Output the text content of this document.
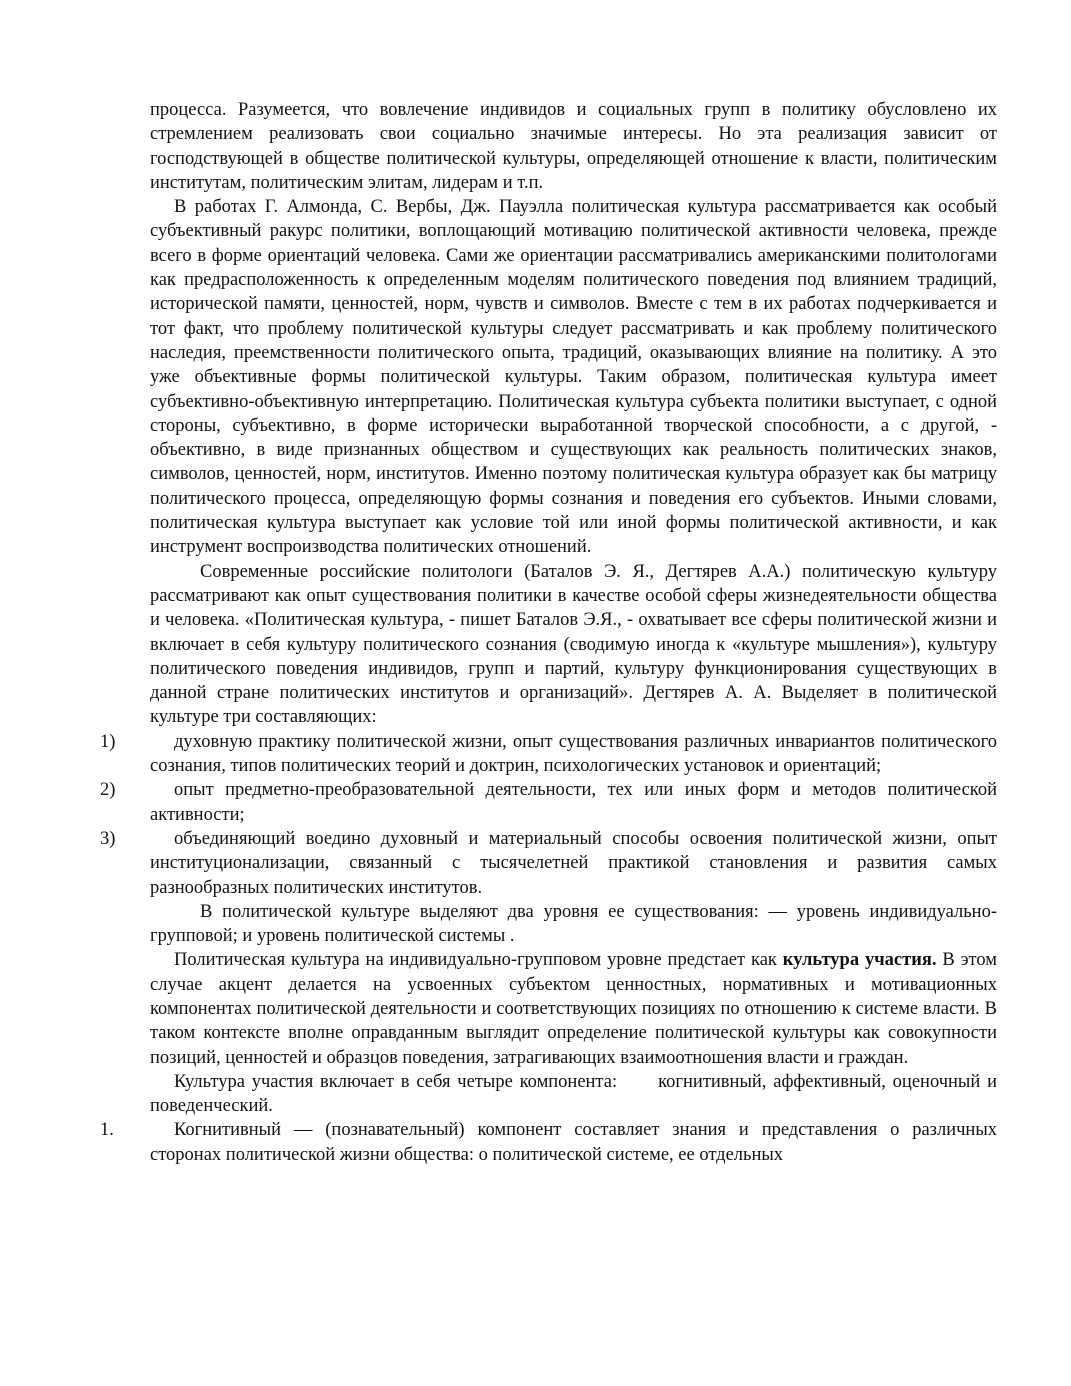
процесса. Разумеется, что вовлечение индивидов и социальных групп в политику обусловлено их стремлением реализовать свои социально значимые интересы. Но эта реализация зависит от господствующей в обществе политической культуры, определяющей отношение к власти, политическим институтам, политическим элитам, лидерам и т.п.

В работах Г. Алмонда, С. Вербы, Дж. Пауэлла политическая культура рассматривается как особый субъективный ракурс политики, воплощающий мотивацию политической активности человека, прежде всего в форме ориентаций человека. Сами же ориентации рассматривались американскими политологами как предрасположенность к определенным моделям политического поведения под влиянием традиций, исторической памяти, ценностей, норм, чувств и символов. Вместе с тем в их работах подчеркивается и тот факт, что проблему политической культуры следует рассматривать и как проблему политического наследия, преемственности политического опыта, традиций, оказывающих влияние на политику. А это уже объективные формы политической культуры. Таким образом, политическая культура имеет субъективно-объективную интерпретацию. Политическая культура субъекта политики выступает, с одной стороны, субъективно, в форме исторически выработанной творческой способности, а с другой, - объективно, в виде признанных обществом и существующих как реальность политических знаков, символов, ценностей, норм, институтов. Именно поэтому политическая культура образует как бы матрицу политического процесса, определяющую формы сознания и поведения его субъектов. Иными словами, политическая культура выступает как условие той или иной формы политической активности, и как инструмент воспроизводства политических отношений.

Современные российские политологи (Баталов Э. Я., Дегтярев А.А.) политическую культуру рассматривают как опыт существования политики в качестве особой сферы жизнедеятельности общества и человека. «Политическая культура, - пишет Баталов Э.Я., - охватывает все сферы политической жизни и включает в себя культуру политического сознания (сводимую иногда к «культуре мышления»), культуру политического поведения индивидов, групп и партий, культуру функционирования существующих в данной стране политических институтов и организаций». Дегтярев А. А. Выделяет в политической культуре три составляющих:

1)	духовную практику политической жизни, опыт существования различных инвариантов политического сознания, типов политических теорий и доктрин, психологических установок и ориентаций;

2)	опыт предметно-преобразовательной деятельности, тех или иных форм и методов политической активности;

3)	объединяющий воедино духовный и материальный способы освоения политической жизни, опыт институционализации, связанный с тысячелетней практикой становления и развития самых разнообразных политических институтов.

В политической культуре выделяют два уровня ее существования: — уровень индивидуально-групповой; и уровень политической системы .

Политическая культура на индивидуально-групповом уровне предстает как культура участия. В этом случае акцент делается на усвоенных субъектом ценностных, нормативных и мотивационных компонентах политической деятельности и соответствующих позициях по отношению к системе власти. В таком контексте вполне оправданным выглядит определение политической культуры как совокупности позиций, ценностей и образцов поведения, затрагивающих взаимоотношения власти и граждан.

Культура участия включает в себя четыре компонента:      когнитивный, аффективный, оценочный и поведенческий.

1.	Когнитивный — (познавательный) компонент составляет знания и представления о различных сторонах политической жизни общества: о политической системе, ее отдельных
